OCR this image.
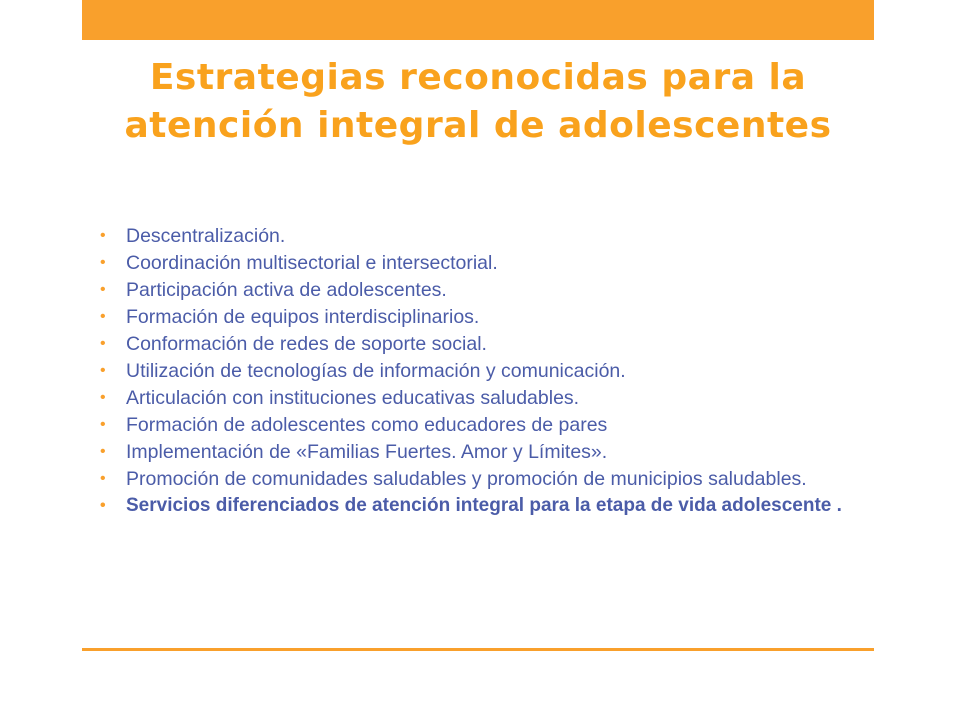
Estrategias reconocidas para la atención integral de adolescentes
• Descentralización.
• Coordinación multisectorial e intersectorial.
• Participación activa de adolescentes.
• Formación de equipos interdisciplinarios.
• Conformación de redes de soporte social.
• Utilización de tecnologías de información y comunicación.
• Articulación con instituciones educativas saludables.
• Formación de adolescentes como educadores de pares
• Implementación de «Familias Fuertes. Amor y Límites».
• Promoción de comunidades saludables y promoción de municipios saludables.
• Servicios diferenciados de atención integral para la etapa de vida adolescente .
